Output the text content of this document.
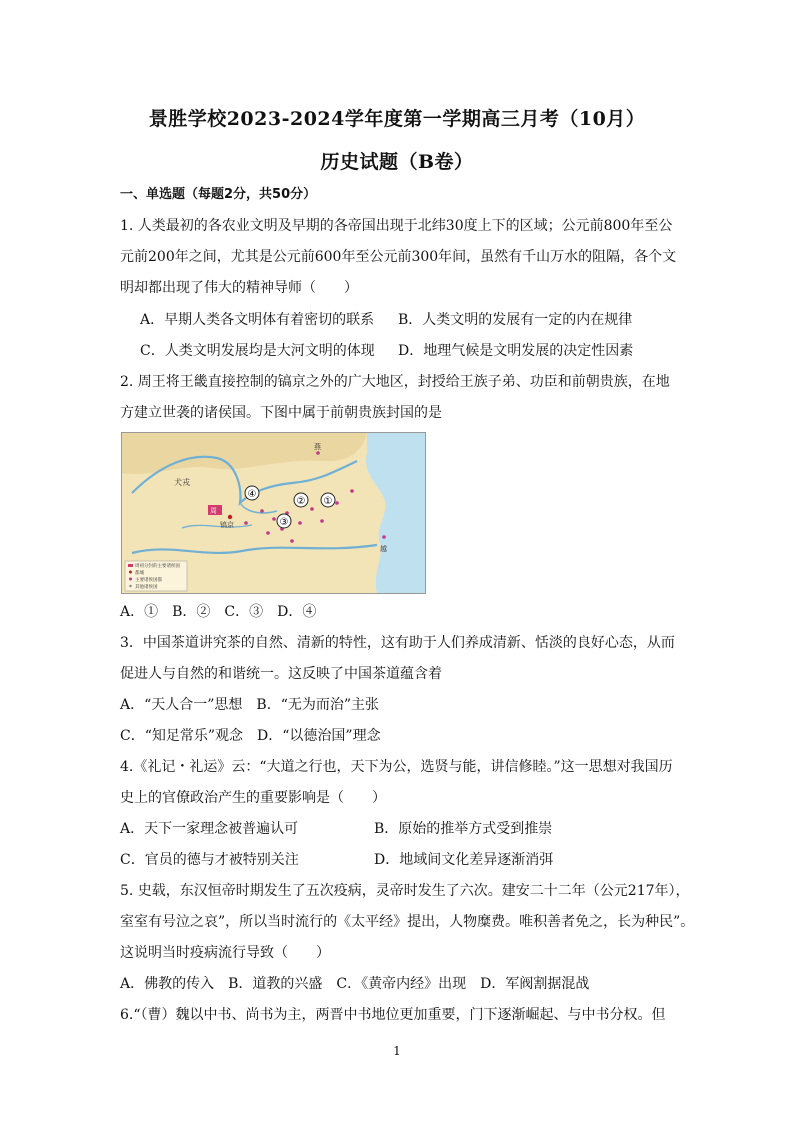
景胜学校2023-2024学年度第一学期高三月考（10月）
历史试题（B卷）
一、单选题（每题2分，共50分）
1. 人类最初的各农业文明及早期的各帝国出现于北纬30度上下的区域；公元前800年至公
元前200年之间，尤其是公元前600年至公元前300年间，虽然有千山万水的阻隔，各个文
明却都出现了伟大的精神导师（　　）
A．早期人类各文明体有着密切的联系 B．人类文明的发展有一定的内在规律
C．人类文明发展均是大河文明的体现 D．地理气候是文明发展的决定性因素
2. 周王将王畿直接控制的镐京之外的广大地区，封授给王族子弟、功臣和前朝贵族，在地
方建立世袭的诸侯国。下图中属于前朝贵族封国的是
④
①
②
③
犬戎
周
镐京
燕
越
周初分封的主要诸侯国
都城
主要诸侯国都
其他诸侯国
A．①　B．②　C．③　D．④
3．中国茶道讲究茶的自然、清新的特性，这有助于人们养成清新、恬淡的良好心态，从而
促进人与自然的和谐统一。这反映了中国茶道蕴含着
A．“天人合一”思想　B．“无为而治”主张
C．“知足常乐”观念　D．“以德治国”理念
4.《礼记・礼运》云：“大道之行也，天下为公，选贤与能，讲信修睦。”这一思想对我国历
史上的官僚政治产生的重要影响是（　　）
A．天下一家理念被普遍认可	B．原始的推举方式受到推崇
C．官员的德与才被特别关注	D．地域间文化差异逐渐消弭
5. 史载，东汉恒帝时期发生了五次疫病，灵帝时发生了六次。建安二十二年（公元217年），
室室有号泣之哀”，所以当时流行的《太平经》提出，人物糜费。唯积善者免之，长为种民”。
这说明当时疫病流行导致（　　）
A．佛教的传入　B．道教的兴盛　C．《黄帝内经》出现　D．军阀割据混战
6.“（曹）魏以中书、尚书为主，两晋中书地位更加重要，门下逐渐崛起、与中书分权。但
1
